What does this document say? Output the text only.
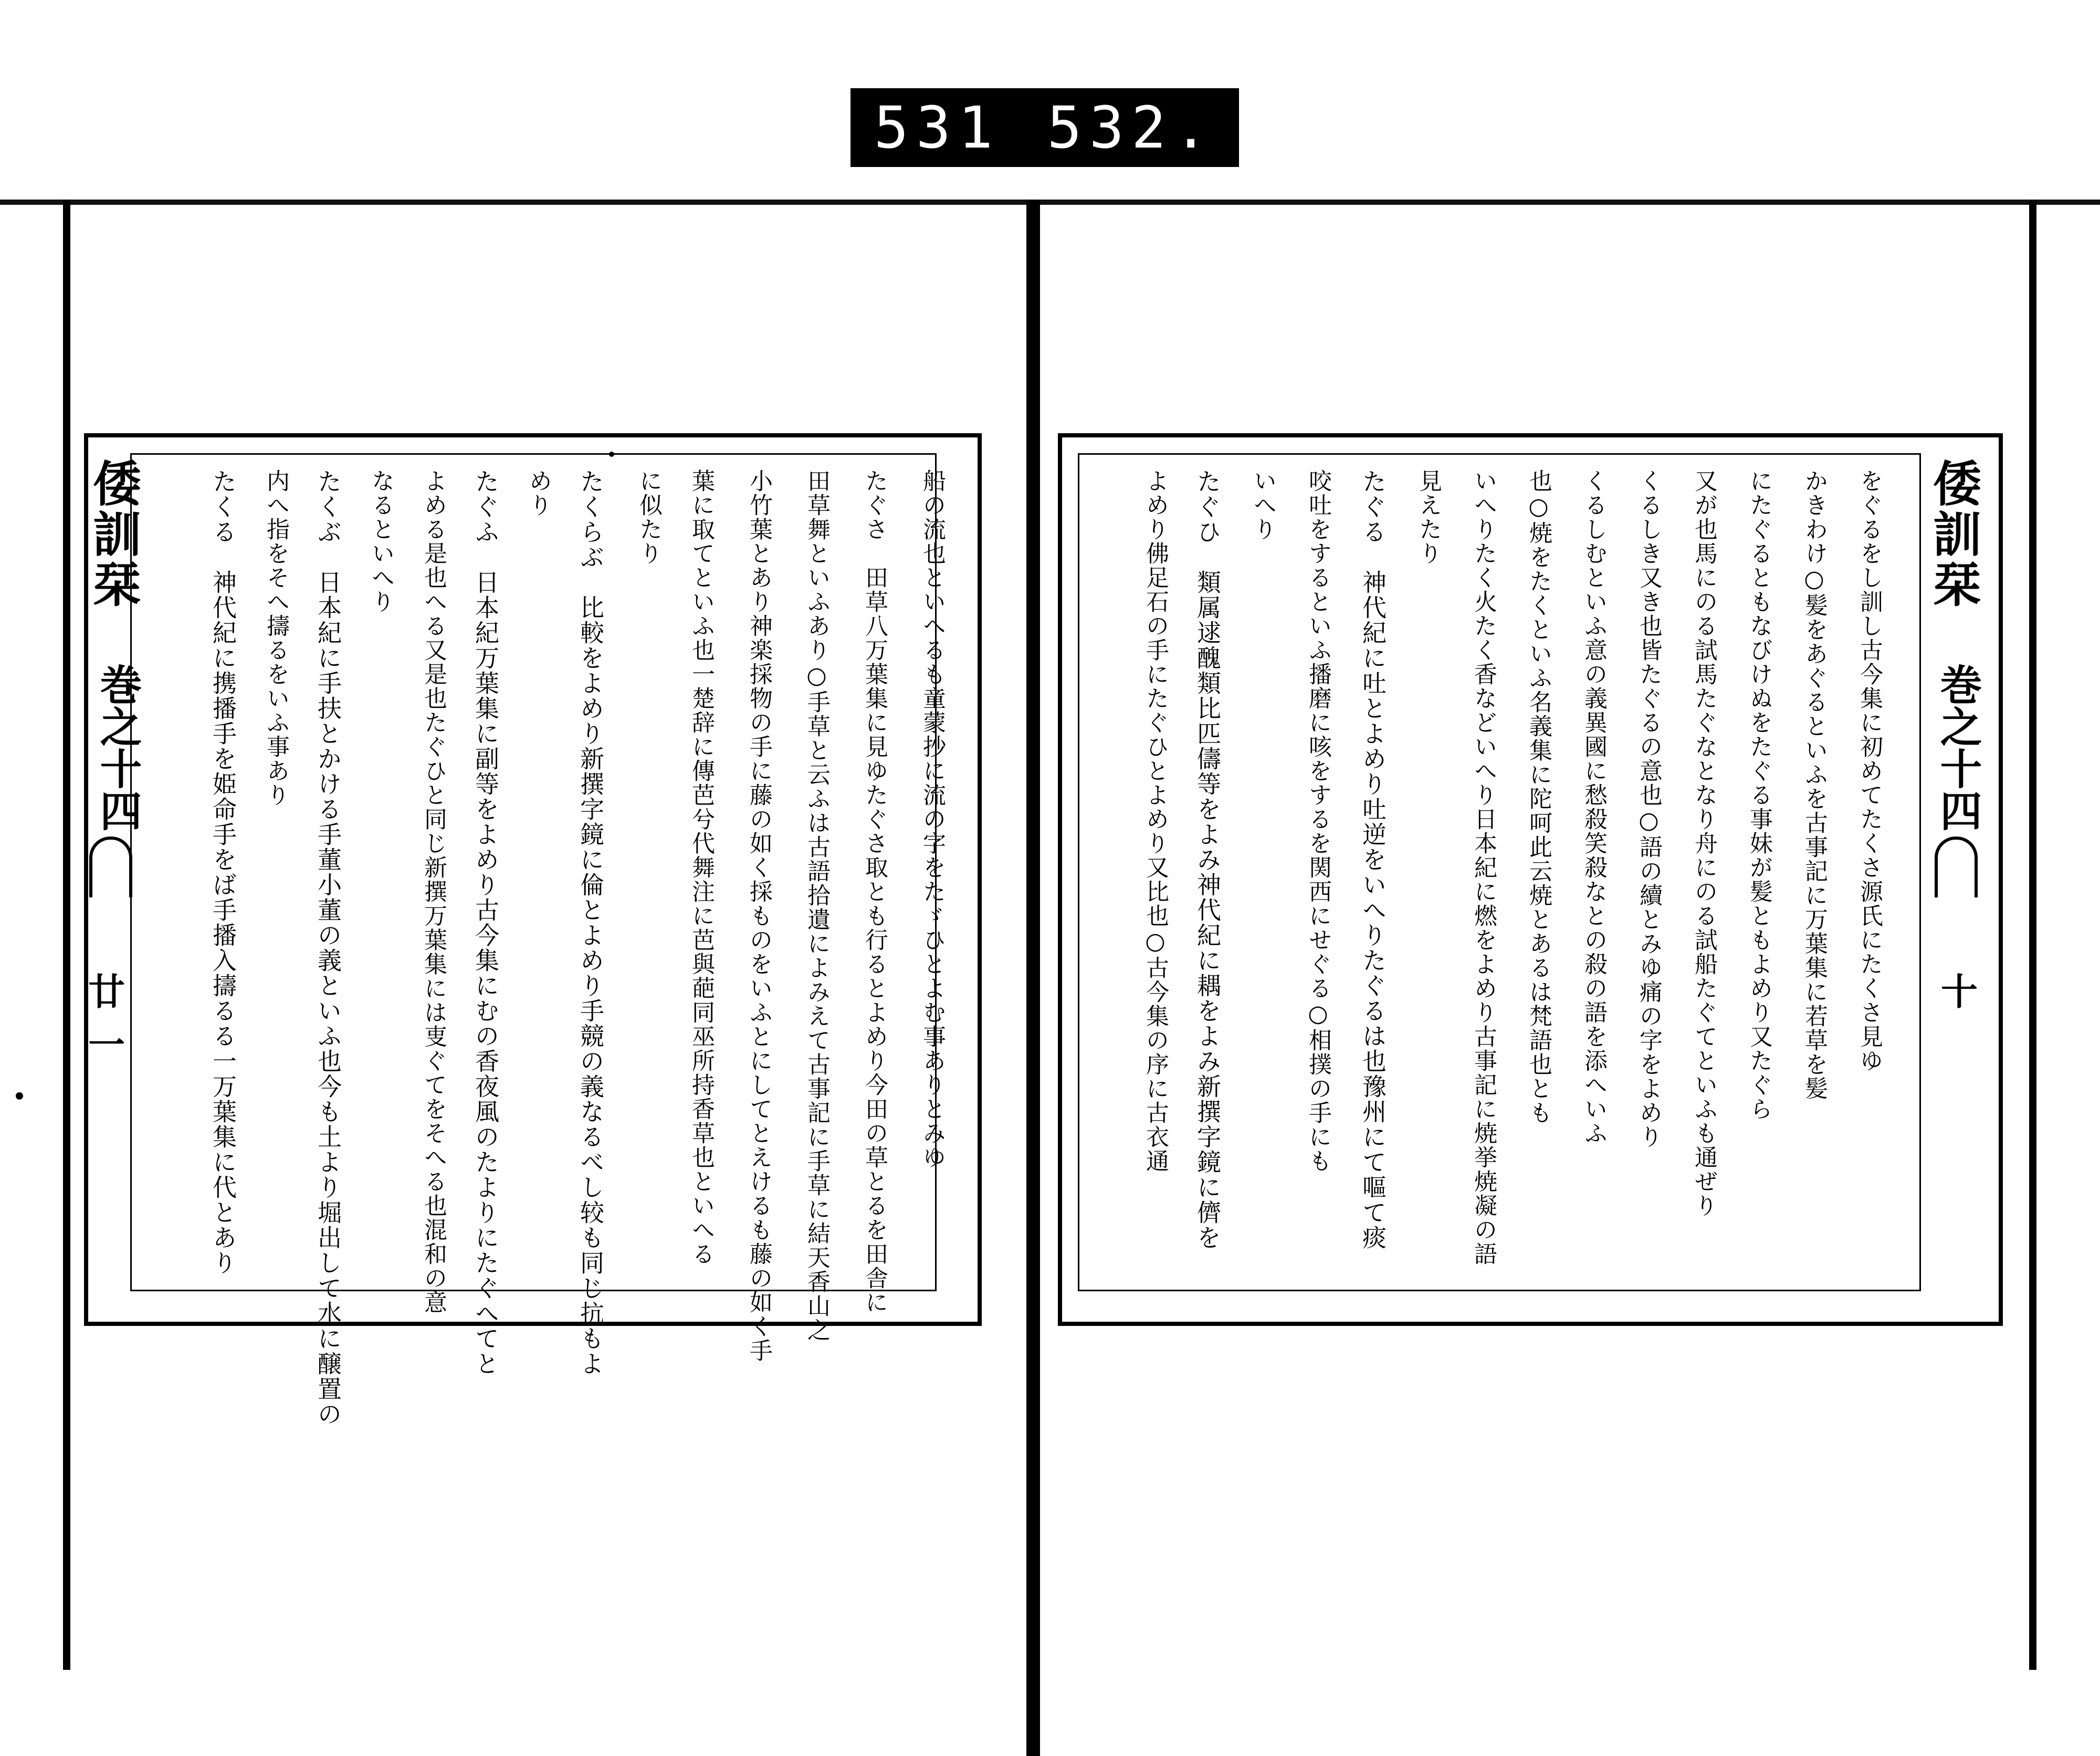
531 532.
倭訓栞
巻之十四
廿一	船の流也といへるも童蒙抄に流の字をたゞひとよむ事ありとみゆ
たぐさ　田草八万葉集に見ゆたぐさ取とも行るとよめり今田の草とるを田舎に
田草舞といふあり○手草と云ふは古語拾遺によみえて古事記に手草に結天香山之
小竹葉とあり神楽採物の手に藤の如く採ものをいふとにしてとえけるも藤の如く手
葉に取てといふ也一楚辞に傳芭兮代舞注に芭與葩同巫所持香草也といへる
に似たり
たくらぶ　比較をよめり新撰字鏡に倫とよめり手競の義なるべし较も同じ抗もよ
めり
たぐふ　日本紀万葉集に副等をよめり古今集にむの香夜風のたよりにたぐへてと
よめる是也へる又是也たぐひと同じ新撰万葉集には叓ぐてをそへる也混和の意
なるといへり
たくぶ　日本紀に手扶とかける手董小董の義といふ也今も土より堀出して水に醸置の
内へ指をそへ擣るをいふ事あり
たくる　神代紀に携播手を姫命手をば手播入擣るる一万葉集に代とあり	倭訓栞
巻之十四
十
をぐるをし訓し古今集に初めてたくさ源氏にたくさ見ゆ
かきわけ○髪をあぐるといふを古事記に万葉集に若草を髪
にたぐるともなびけぬをたぐる事妹が髪ともよめり又たぐら
又が也馬にのる試馬たぐなとなり舟にのる試船たぐてといふも通ぜり
くるしき又き也皆たぐるの意也○語の續とみゆ痛の字をよめり
くるしむといふ意の義異國に愁殺笑殺なとの殺の語を添へいふ
也○焼をたくといふ名義集に陀呵此云焼とあるは梵語也とも
いへりたく火たく香などいへり日本紀に燃をよめり古事記に焼挙焼凝の語
見えたり
たぐる　神代紀に吐とよめり吐逆をいへりたぐるは也豫州にて嘔て痰
咬吐をするといふ播磨に咳をするを関西にせぐる○相撲の手にも
いへり
たぐひ　類属逑醜類比匹儔等をよみ神代紀に耦をよみ新撰字鏡に儕を
よめり佛足石の手にたぐひとよめり又比也○古今集の序に古衣通
